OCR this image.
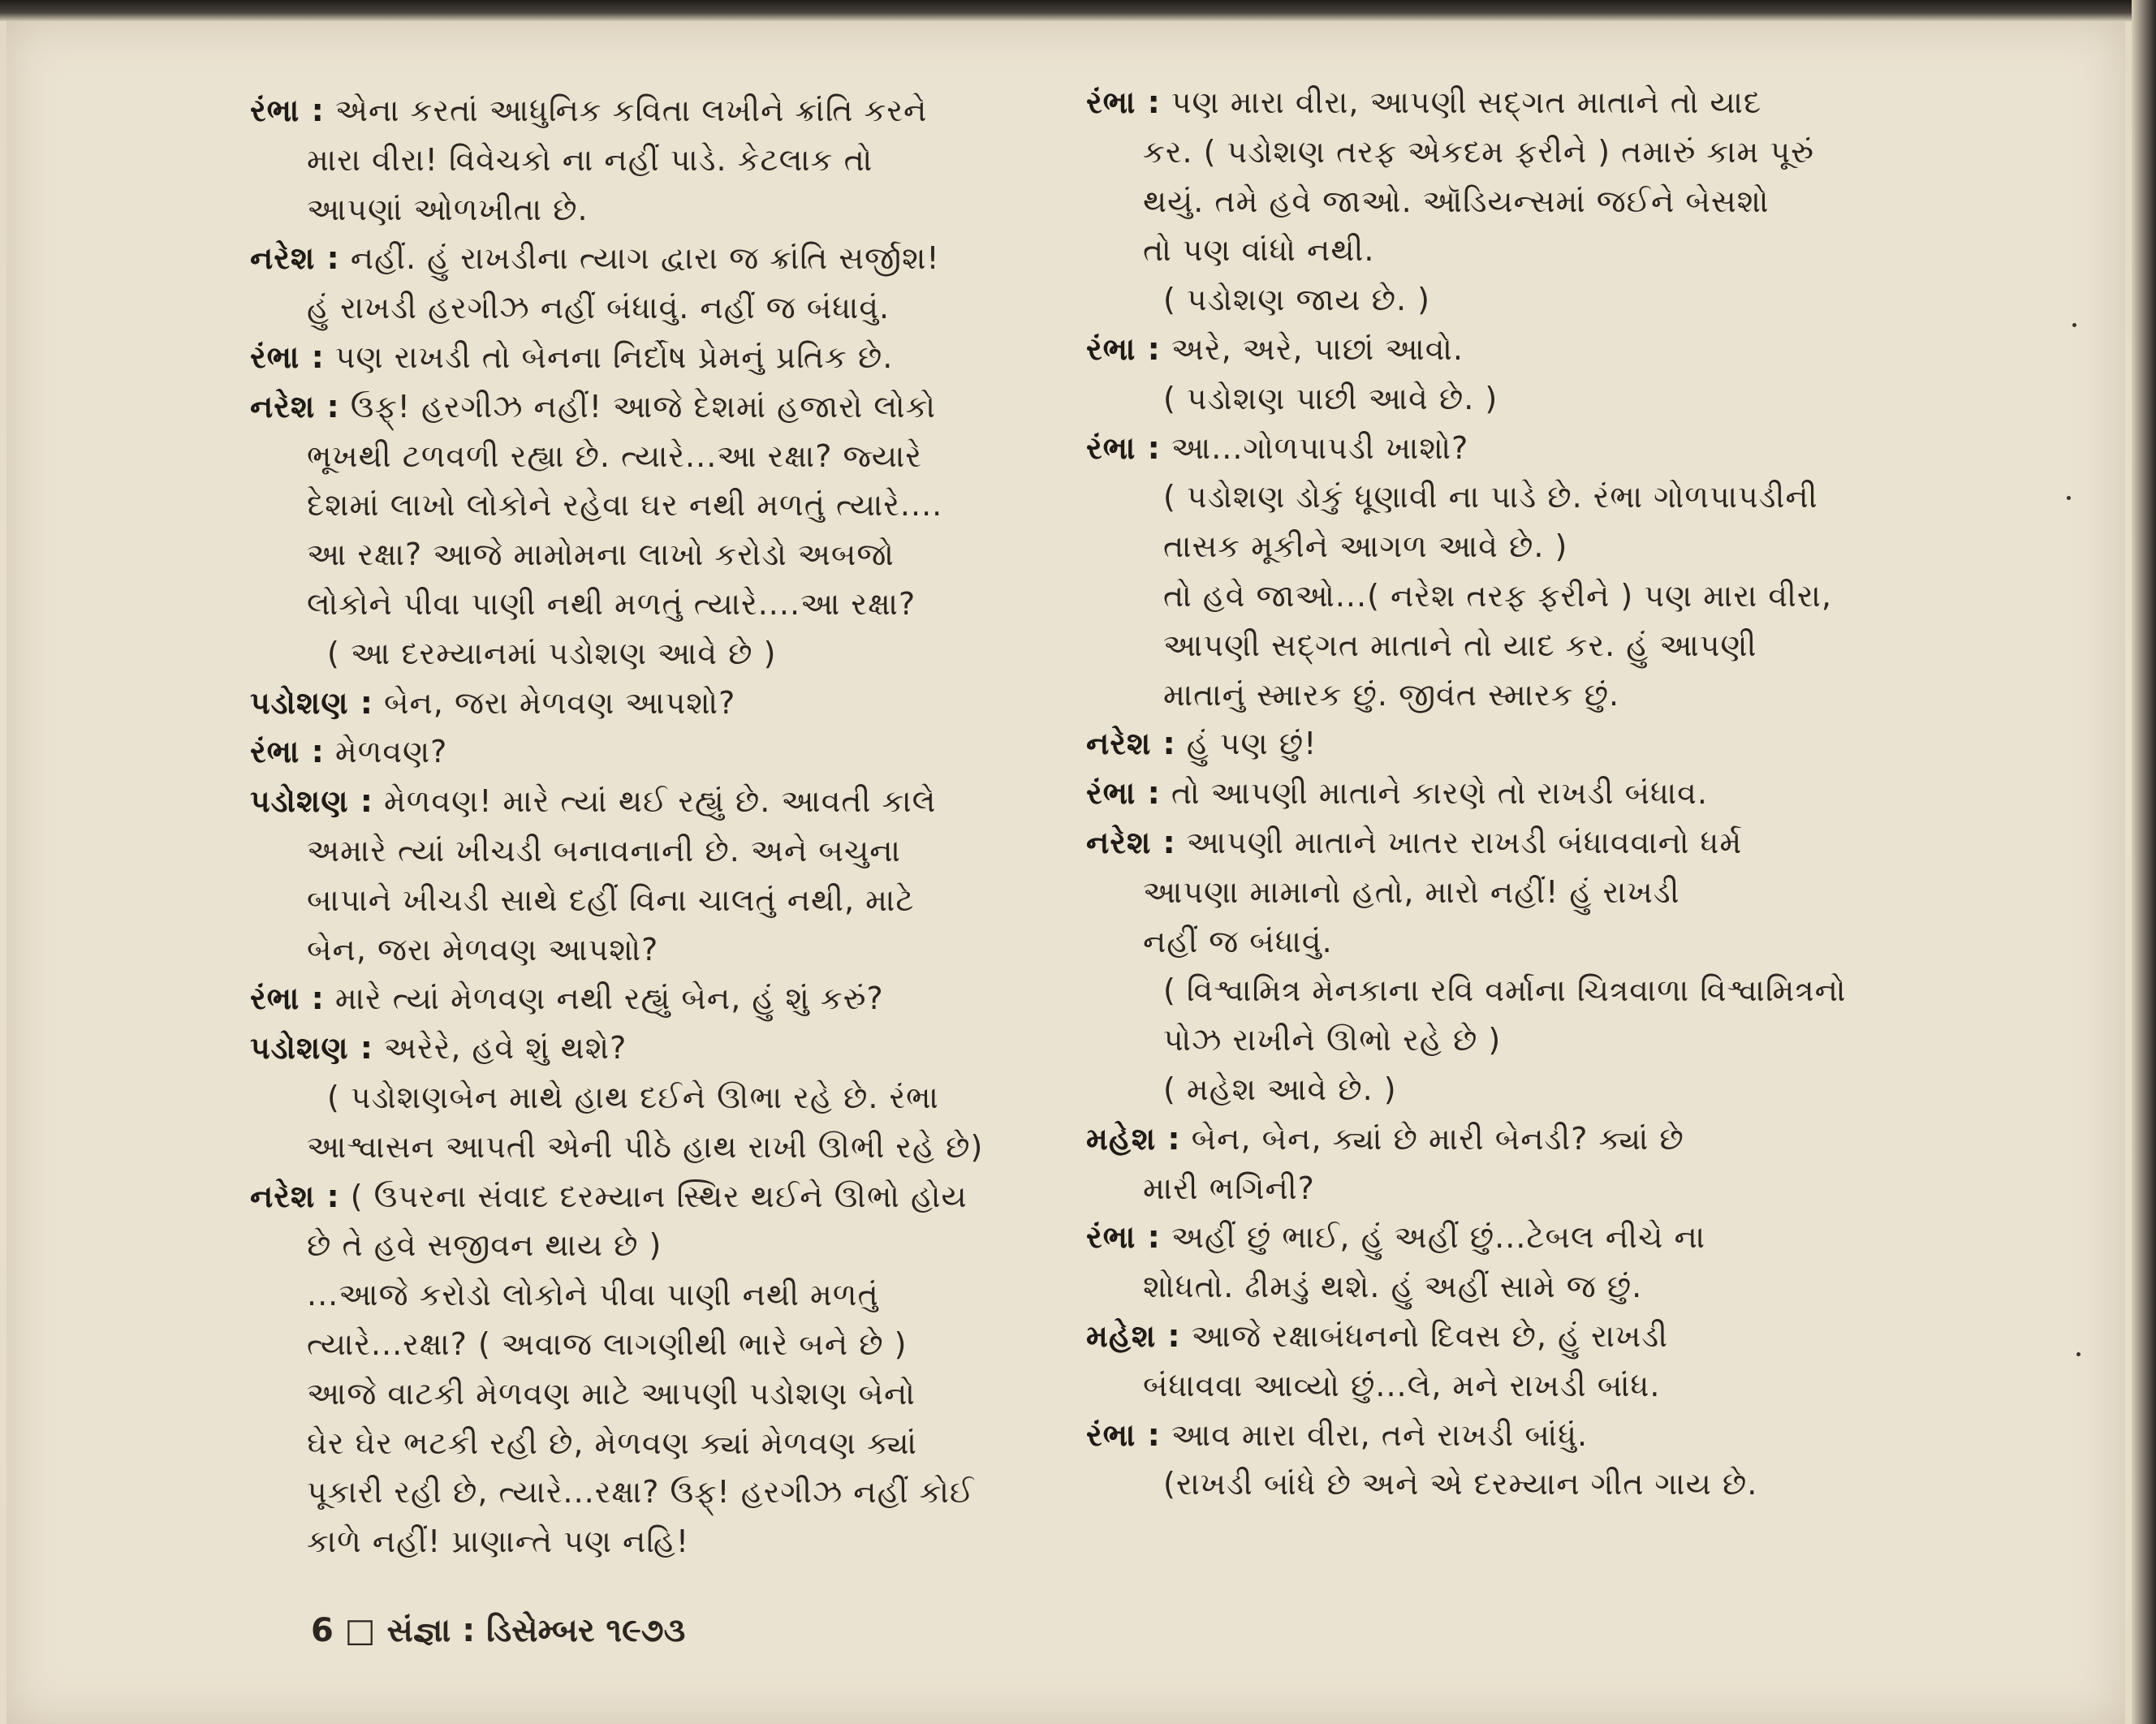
રંભા : એના કરતાં આધુનિક કવિતા લખીને ક્રાંતિ કરને
મારા વીરા! વિવેચકો ના નહીં પાડે. કેટલાક તો
આપણાં ઓળખીતા છે.
નરેશ : નહીં. હું રાખડીના ત્યાગ દ્વારા જ ક્રાંતિ સર્જીશ!
હું રાખડી હરગીઝ નહીં બંધાવું. નહીં જ બંધાવું.
રંભા : પણ રાખડી તો બેનના નિર્દોષ પ્રેમનું પ્રતિક છે.
નરેશ : ઉફ્! હરગીઝ નહીં! આજે દેશમાં હજારો લોકો
ભૂખથી ટળવળી રહ્યા છે. ત્યારે...આ રક્ષા? જ્યારે
દેશમાં લાખો લોકોને રહેવા ઘર નથી મળતું ત્યારે....
આ રક્ષા? આજે મામોમના લાખો કરોડો અબજો
લોકોને પીવા પાણી નથી મળતું ત્યારે....આ રક્ષા?
( આ દરમ્યાનમાં પડોશણ આવે છે )
પડોશણ : બેન, જરા મેળવણ આપશો?
રંભા : મેળવણ?
પડોશણ : મેળવણ! મારે ત્યાં થઈ રહ્યું છે. આવતી કાલે
અમારે ત્યાં ખીચડી બનાવનાની છે. અને બચુના
બાપાને ખીચડી સાથે દહીં વિના ચાલતું નથી, માટે
બેન, જરા મેળવણ આપશો?
રંભા : મારે ત્યાં મેળવણ નથી રહ્યું બેન, હું શું કરું?
પડોશણ : અરેરે, હવે શું થશે?
( પડોશણબેન માથે હાથ દઈને ઊભા રહે છે. રંભા
આશ્વાસન આપતી એની પીઠે હાથ રાખી ઊભી રહે છે)
નરેશ : ( ઉપરના સંવાદ દરમ્યાન સ્થિર થઈને ઊભો હોય
છે તે હવે સજીવન થાય છે )
...આજે કરોડો લોકોને પીવા પાણી નથી મળતું
ત્યારે...રક્ષા? ( અવાજ લાગણીથી ભારે બને છે )
આજે વાટકી મેળવણ માટે આપણી પડોશણ બેનો
ઘેર ઘેર ભટકી રહી છે, મેળવણ ક્યાં મેળવણ ક્યાં
પૂકારી રહી છે, ત્યારે...રક્ષા? ઉફ્! હરગીઝ નહીં કોઈ
કાળે નહીં! પ્રાણાન્તે પણ નહિ!
રંભા : પણ મારા વીરા, આપણી સદ્ગત માતાને તો યાદ
કર. ( પડોશણ તરફ એકદમ ફરીને ) તમારું કામ પૂરું
થયું. તમે હવે જાઓ. ઑડિયન્સમાં જઈને બેસશો
તો પણ વાંધો નથી.
( પડોશણ જાય છે. )
રંભા : અરે, અરે, પાછાં આવો.
( પડોશણ પાછી આવે છે. )
રંભા : આ...ગોળપાપડી ખાશો?
( પડોશણ ડોકું ધૂણાવી ના પાડે છે. રંભા ગોળપાપડીની
તાસક મૂકીને આગળ આવે છે. )
તો હવે જાઓ...( નરેશ તરફ ફરીને ) પણ મારા વીરા,
આપણી સદ્ગત માતાને તો યાદ કર. હું આપણી
માતાનું સ્મારક છું. જીવંત સ્મારક છું.
નરેશ : હું પણ છું!
રંભા : તો આપણી માતાને કારણે તો રાખડી બંધાવ.
નરેશ : આપણી માતાને ખાતર રાખડી બંધાવવાનો ધર્મ
આપણા મામાનો હતો, મારો નહીં! હું રાખડી
નહીં જ બંધાવું.
( વિશ્વામિત્ર મેનકાના રવિ વર્માના ચિત્રવાળા વિશ્વામિત્રનો
પોઝ રાખીને ઊભો રહે છે )
( મહેશ આવે છે. )
મહેશ : બેન, બેન, ક્યાં છે મારી બેનડી? ક્યાં છે
મારી ભગિની?
રંભા : અહીં છું ભાઈ, હું અહીં છું...ટેબલ નીચે ના
શોધતો. ઢીમડું થશે. હું અહીં સામે જ છું.
મહેશ : આજે રક્ષાબંધનનો દિવસ છે, હું રાખડી
બંધાવવા આવ્યો છું...લે, મને રાખડી બાંધ.
રંભા : આવ મારા વીરા, તને રાખડી બાંધું.
(રાખડી બાંધે છે અને એ દરમ્યાન ગીત ગાય છે.
6 □ સંજ્ઞા : ડિસેમ્બર ૧૯૭૩
